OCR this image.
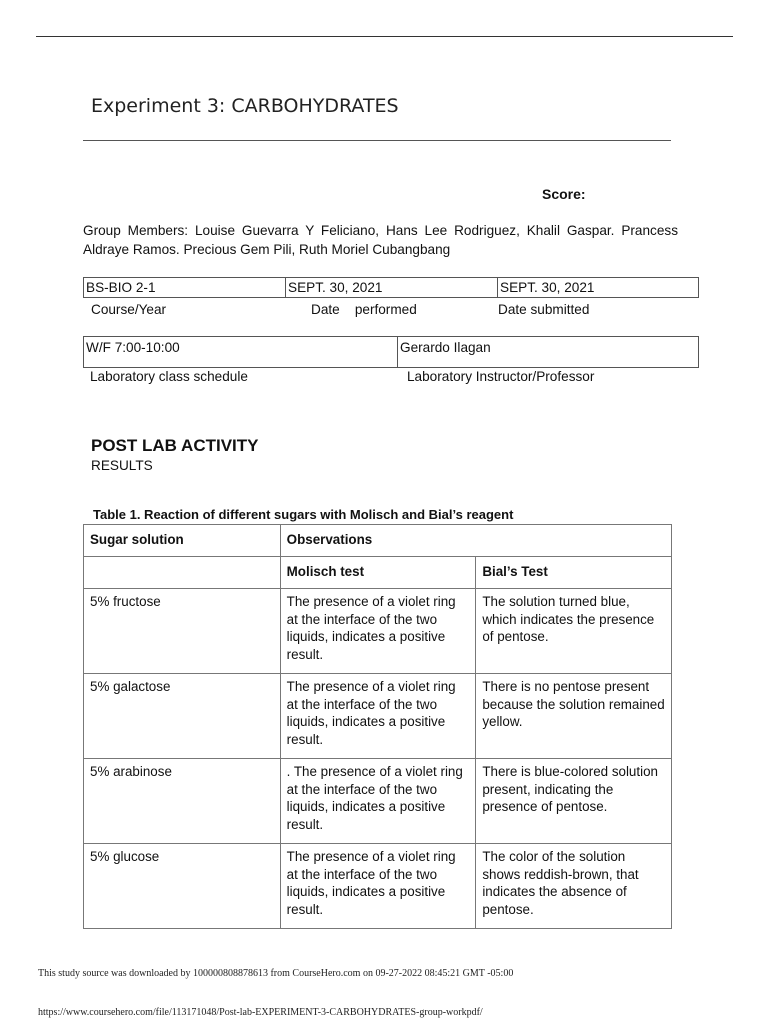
Experiment 3: CARBOHYDRATES
Score:
Group Members: Louise Guevarra Y Feliciano, Hans Lee Rodriguez, Khalil Gaspar. Prancess Aldraye Ramos. Precious Gem Pili, Ruth Moriel Cubangbang
BS-BIO 2-1	SEPT. 30, 2021	SEPT. 30, 2021
Course/Year	Date    performed	Date submitted
W/F 7:00-10:00	Gerardo Ilagan
Laboratory class schedule	Laboratory Instructor/Professor
POST LAB ACTIVITY
RESULTS
Table 1. Reaction of different sugars with Molisch and Bial’s reagent
Sugar solution	Observations	
	Molisch test	Bial’s Test
5% fructose	The presence of a violet ring at the interface of the two liquids, indicates a positive result.	The solution turned blue, which indicates the presence of pentose.
5% galactose	The presence of a violet ring at the interface of the two liquids, indicates a positive result.	There is no pentose present because the solution remained yellow.
5% arabinose	. The presence of a violet ring at the interface of the two liquids, indicates a positive result.	There is blue-colored solution present, indicating the presence of pentose.
5% glucose	The presence of a violet ring at the interface of the two liquids, indicates a positive result.	The color of the solution shows reddish-brown, that indicates the absence of pentose.
This study source was downloaded by 100000808878613 from CourseHero.com on 09-27-2022 08:45:21 GMT -05:00
https://www.coursehero.com/file/113171048/Post-lab-EXPERIMENT-3-CARBOHYDRATES-group-workpdf/
